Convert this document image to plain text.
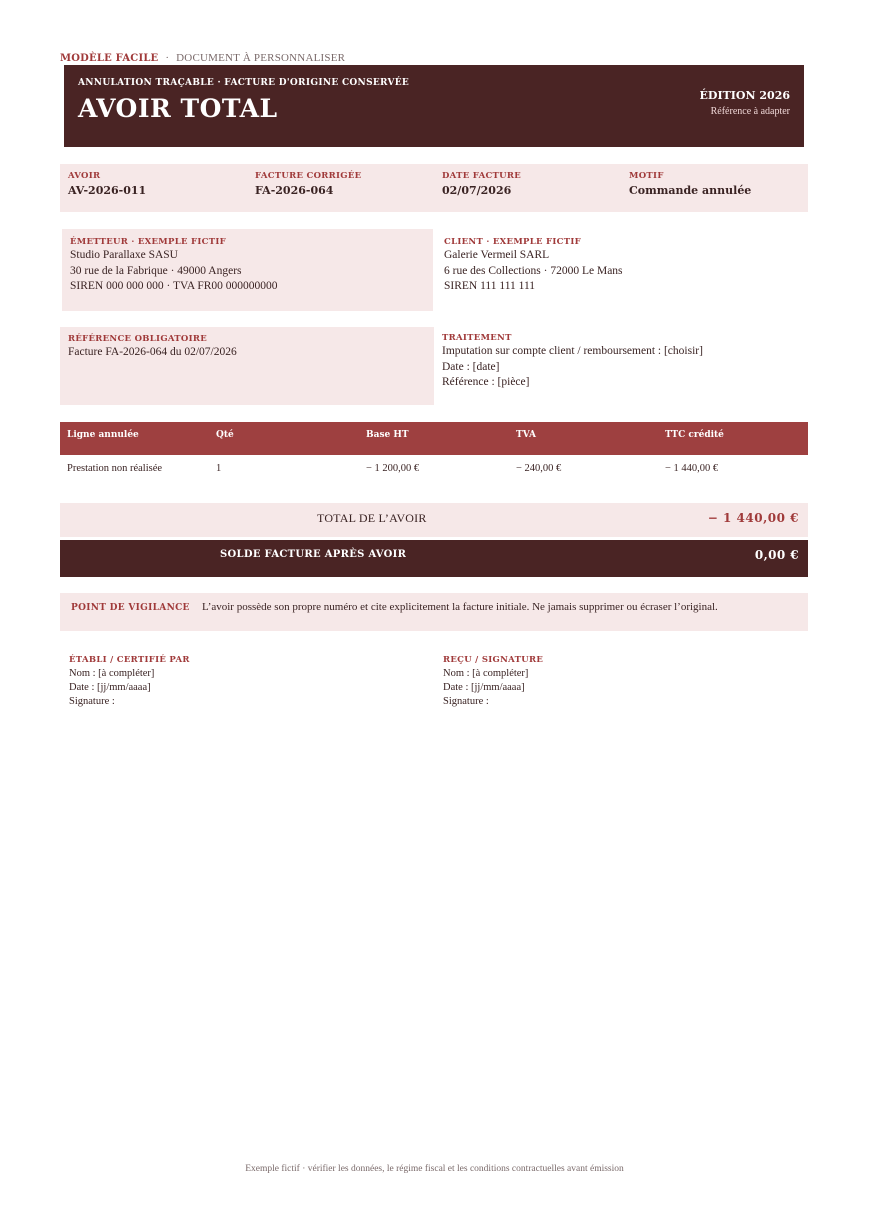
MODÈLE FACILE · DOCUMENT À PERSONNALISER
ANNULATION TRAÇABLE · FACTURE D'ORIGINE CONSERVÉE
AVOIR TOTAL	ÉDITION 2026
Référence à adapter
AVOIR
AV-2026-011
FACTURE CORRIGÉE
FA-2026-064
DATE FACTURE
02/07/2026
MOTIF
Commande annulée
ÉMETTEUR · EXEMPLE FICTIF
Studio Parallaxe SASU
30 rue de la Fabrique · 49000 Angers
SIREN 000 000 000 · TVA FR00 000000000
CLIENT · EXEMPLE FICTIF
Galerie Vermeil SARL
6 rue des Collections · 72000 Le Mans
SIREN 111 111 111
RÉFÉRENCE OBLIGATOIRE
Facture FA-2026-064 du 02/07/2026
TRAITEMENT
Imputation sur compte client / remboursement : [choisir]
Date : [date]
Référence : [pièce]
Ligne annulée	Qté	Base HT	TVA	TTC crédité
Prestation non réalisée	1	− 1 200,00 €	− 240,00 €	− 1 440,00 €
TOTAL DE L’AVOIR	− 1 440,00 €
SOLDE FACTURE APRÈS AVOIR	0,00 €
POINT DE VIGILANCE L’avoir possède son propre numéro et cite explicitement la facture initiale. Ne jamais supprimer ou écraser l’original.
ÉTABLI / CERTIFIÉ PAR
Nom : [à compléter]
Date : [jj/mm/aaaa]
Signature :
REÇU / SIGNATURE
Nom : [à compléter]
Date : [jj/mm/aaaa]
Signature :
Exemple fictif · vérifier les données, le régime fiscal et les conditions contractuelles avant émission
